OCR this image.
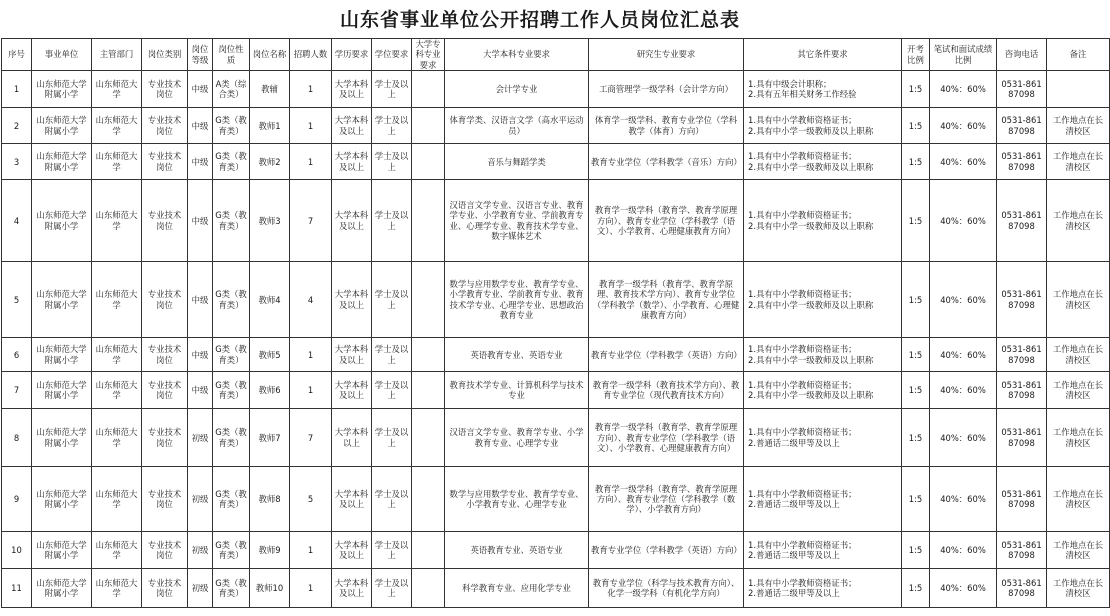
山东省事业单位公开招聘工作人员岗位汇总表
序号	事业单位	主管部门	岗位类别	岗位等级	岗位性质	岗位名称	招聘人数	学历要求	学位要求	大学专科专业要求	大学本科专业要求	研究生专业要求	其它条件要求	开考比例	笔试和面试成绩比例	咨询电话	备注
1	山东师范大学附属小学	山东师范大学	专业技术岗位	中级	A类（综合类）	教辅	1	大学本科及以上	学士及以上		会计学专业	工商管理学一级学科（会计学方向）	1.具有中级会计职称；
2.具有五年相关财务工作经验	1:5	40%：60%	0531-86187098	
2	山东师范大学附属小学	山东师范大学	专业技术岗位	中级	G类（教育类）	教师1	1	大学本科及以上	学士及以上		体育学类、汉语言文学（高水平运动员）	体育学一级学科、教育专业学位（学科教学（体育）方向）	1.具有中小学教师资格证书；
2.具有中小学一级教师及以上职称	1:5	40%：60%	0531-86187098	工作地点在长清校区
3	山东师范大学附属小学	山东师范大学	专业技术岗位	中级	G类（教育类）	教师2	1	大学本科及以上	学士及以上		音乐与舞蹈学类	教育专业学位（学科教学（音乐）方向）	1.具有中小学教师资格证书；
2.具有中小学一级教师及以上职称	1:5	40%：60%	0531-86187098	工作地点在长清校区
4	山东师范大学附属小学	山东师范大学	专业技术岗位	中级	G类（教育类）	教师3	7	大学本科及以上	学士及以上		汉语言文学专业、汉语言专业、教育学专业、小学教育专业、学前教育专业、心理学专业、教育技术学专业、数字媒体艺术	教育学一级学科（教育学、教育学原理方向）、教育专业学位（学科教学（语文）、小学教育、心理健康教育方向）	1.具有中小学教师资格证书；
2.具有中小学一级教师及以上职称	1:5	40%：60%	0531-86187098	工作地点在长清校区
5	山东师范大学附属小学	山东师范大学	专业技术岗位	中级	G类（教育类）	教师4	4	大学本科及以上	学士及以上		数学与应用数学专业、教育学专业、小学教育专业、学前教育专业、教育技术学专业、心理学专业、思想政治教育专业	教育学一级学科（教育学、教育学原理、教育技术学方向）、教育专业学位（学科教学（数学）、小学教育、心理健康教育方向）	1.具有中小学教师资格证书；
2.具有中小学一级教师及以上职称	1:5	40%：60%	0531-86187098	工作地点在长清校区
6	山东师范大学附属小学	山东师范大学	专业技术岗位	中级	G类（教育类）	教师5	1	大学本科及以上	学士及以上		英语教育专业、英语专业	教育专业学位（学科教学（英语）方向）	1.具有中小学教师资格证书；
2.具有中小学一级教师及以上职称	1:5	40%：60%	0531-86187098	工作地点在长清校区
7	山东师范大学附属小学	山东师范大学	专业技术岗位	中级	G类（教育类）	教师6	1	大学本科及以上	学士及以上		教育技术学专业、计算机科学与技术专业	教育学一级学科（教育技术学方向）、教育专业学位（现代教育技术方向）	1.具有中小学教师资格证书；
2.具有中小学一级教师及以上职称	1:5	40%：60%	0531-86187098	工作地点在长清校区
8	山东师范大学附属小学	山东师范大学	专业技术岗位	初级	G类（教育类）	教师7	7	大学本科以上	学士及以上		汉语言文学专业、教育学专业、小学教育专业、心理学专业	教育学一级学科（教育学、教育学原理方向）、教育专业学位（学科教学（语文）、小学教育、心理健康教育方向）	1.具有中小学教师资格证书；
2.普通话二级甲等及以上	1:5	40%：60%	0531-86187098	工作地点在长清校区
9	山东师范大学附属小学	山东师范大学	专业技术岗位	初级	G类（教育类）	教师8	5	大学本科及以上	学士及以上		数学与应用数学专业、教育学专业、小学教育专业、心理学专业	教育学一级学科（教育学、教育学原理方向）、教育专业学位（学科教学（数学）、小学教育方向）	1.具有中小学教师资格证书；
2.普通话二级甲等及以上	1:5	40%：60%	0531-86187098	工作地点在长清校区
10	山东师范大学附属小学	山东师范大学	专业技术岗位	初级	G类（教育类）	教师9	1	大学本科及以上	学士及以上		英语教育专业、英语专业	教育专业学位（学科教学（英语）方向）	1.具有中小学教师资格证书；
2.普通话二级甲等及以上	1:5	40%：60%	0531-86187098	工作地点在长清校区
11	山东师范大学附属小学	山东师范大学	专业技术岗位	初级	G类（教育类）	教师10	1	大学本科及以上	学士及以上		科学教育专业、应用化学专业	教育专业学位（科学与技术教育方向）、化学一级学科（有机化学方向）	1.具有中小学教师资格证书；
2.普通话二级甲等及以上	1:5	40%：60%	0531-86187098	工作地点在长清校区
